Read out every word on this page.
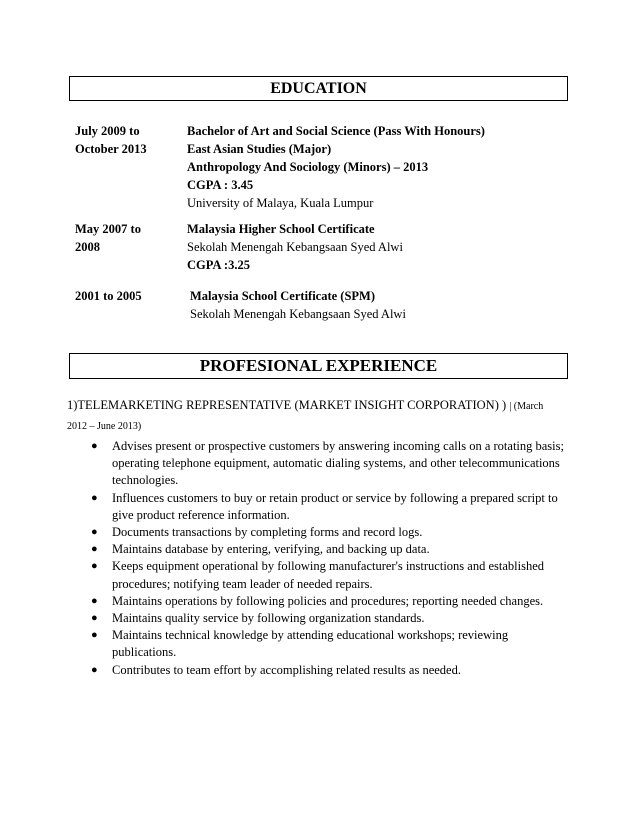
EDUCATION
July 2009 to
October 2013
Bachelor of Art and Social Science (Pass With Honours)
East Asian Studies (Major)
Anthropology And Sociology (Minors) – 2013
CGPA : 3.45
University of Malaya, Kuala Lumpur
May 2007 to
2008
Malaysia Higher School Certificate
Sekolah Menengah Kebangsaan Syed Alwi
CGPA :3.25
2001 to 2005	Malaysia School Certificate (SPM)
Sekolah Menengah Kebangsaan Syed Alwi
PROFESIONAL EXPERIENCE
1)TELEMARKETING REPRESENTATIVE (MARKET INSIGHT CORPORATION) ) | (March
2012 – June 2013)
● Advises present or prospective customers by answering incoming calls on a rotating basis; operating telephone equipment, automatic dialing systems, and other telecommunications technologies.
● Influences customers to buy or retain product or service by following a prepared script to give product reference information.
● Documents transactions by completing forms and record logs.
● Maintains database by entering, verifying, and backing up data.
● Keeps equipment operational by following manufacturer's instructions and established procedures; notifying team leader of needed repairs.
● Maintains operations by following policies and procedures; reporting needed changes.
● Maintains quality service by following organization standards.
● Maintains technical knowledge by attending educational workshops; reviewing publications.
● Contributes to team effort by accomplishing related results as needed.
